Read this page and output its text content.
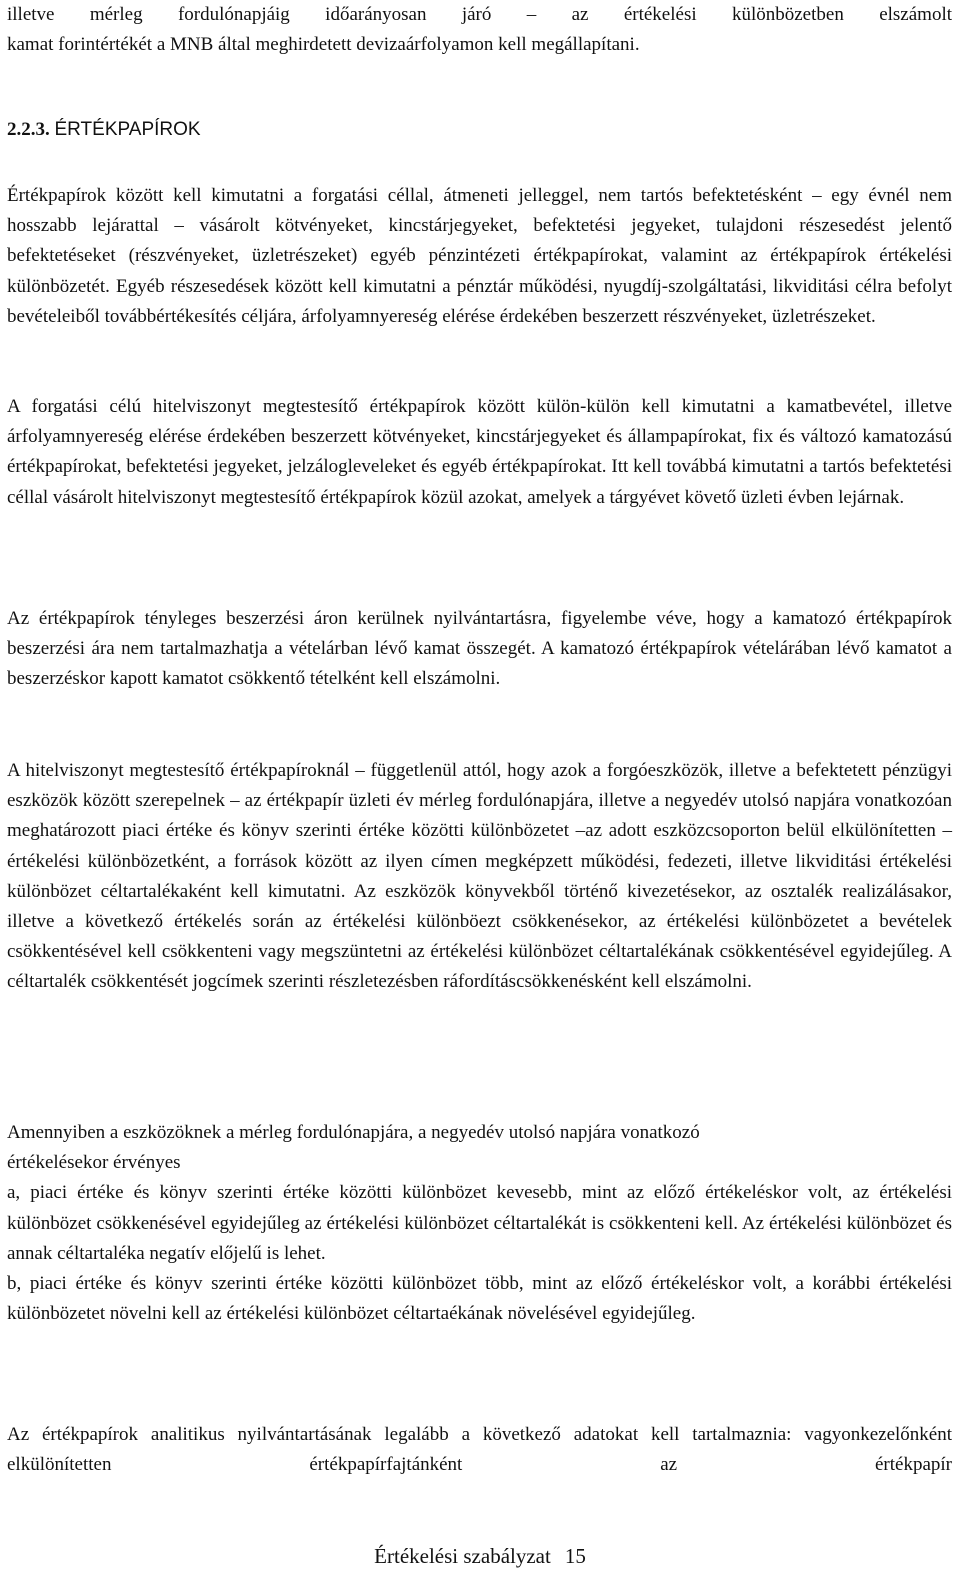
illetve mérleg fordulónapjáig időarányosan járó – az értékelési különbözetben elszámolt

kamat forintértékét a MNB által meghirdetett devizaárfolyamon kell megállapítani.

2.2.3. ÉRTÉKPAPÍROK

Értékpapírok között kell kimutatni a forgatási céllal, átmeneti jelleggel, nem tartós befektetésként – egy évnél nem hosszabb lejárattal – vásárolt kötvényeket, kincstárjegyeket, befektetési jegyeket, tulajdoni részesedést jelentő befektetéseket (részvényeket, üzletrészeket) egyéb pénzintézeti értékpapírokat, valamint az értékpapírok értékelési különbözetét. Egyéb részesedések között kell kimutatni a pénztár működési, nyugdíj-szolgáltatási, likviditási célra befolyt bevételeiből továbbértékesítés céljára, árfolyamnyereség elérése érdekében beszerzett részvényeket, üzletrészeket.

A forgatási célú hitelviszonyt megtestesítő értékpapírok között külön-külön kell kimutatni a kamatbevétel, illetve árfolyamnyereség elérése érdekében beszerzett kötvényeket, kincstárjegyeket és állampapírokat, fix és változó kamatozású értékpapírokat, befektetési jegyeket, jelzálogleveleket és egyéb értékpapírokat. Itt kell továbbá kimutatni a tartós befektetési céllal vásárolt hitelviszonyt megtestesítő értékpapírok közül azokat, amelyek a tárgyévet követő üzleti évben lejárnak.

Az értékpapírok tényleges beszerzési áron kerülnek nyilvántartásra, figyelembe véve, hogy a kamatozó értékpapírok beszerzési ára nem tartalmazhatja a vételárban lévő kamat összegét. A kamatozó értékpapírok vételárában lévő kamatot a beszerzéskor kapott kamatot csökkentő tételként kell elszámolni.

A hitelviszonyt megtestesítő értékpapíroknál – függetlenül attól, hogy azok a forgóeszközök, illetve a befektetett pénzügyi eszközök között szerepelnek – az értékpapír üzleti év mérleg fordulónapjára, illetve a negyedév utolsó napjára vonatkozóan meghatározott piaci értéke és könyv szerinti értéke közötti különbözetet –az adott eszközcsoporton belül elkülönítetten – értékelési különbözetként, a források között az ilyen címen megképzett működési, fedezeti, illetve likviditási értékelési különbözet céltartalékaként kell kimutatni. Az eszközök könyvekből történő kivezetésekor, az osztalék realizálásakor, illetve a következő értékelés során az értékelési különböezt csökkenésekor, az értékelési különbözetet a bevételek csökkentésével kell csökkenteni vagy megszüntetni az értékelési különbözet céltartalékának csökkentésével egyidejűleg. A céltartalék csökkentését jogcímek szerinti részletezésben ráfordításcsökkenésként kell elszámolni.

Amennyiben a eszközöknek a mérleg fordulónapjára, a negyedév utolsó napjára vonatkozó

értékelésekor érvényes

a, piaci értéke és könyv szerinti értéke közötti különbözet kevesebb, mint az előző értékeléskor volt, az értékelési különbözet csökkenésével egyidejűleg az értékelési különbözet céltartalékát is csökkenteni kell. Az értékelési különbözet és annak céltartaléka negatív előjelű is lehet.

b, piaci értéke és könyv szerinti értéke közötti különbözet több, mint az előző értékeléskor volt, a korábbi értékelési különbözetet növelni kell az értékelési különbözet céltartaékának növelésével egyidejűleg.

Az értékpapírok analitikus nyilvántartásának legalább a következő adatokat kell tartalmaznia: vagyonkezelőnként elkülönítetten értékpapírfajtánként az értékpapír

Értékelési szabályzat 15
